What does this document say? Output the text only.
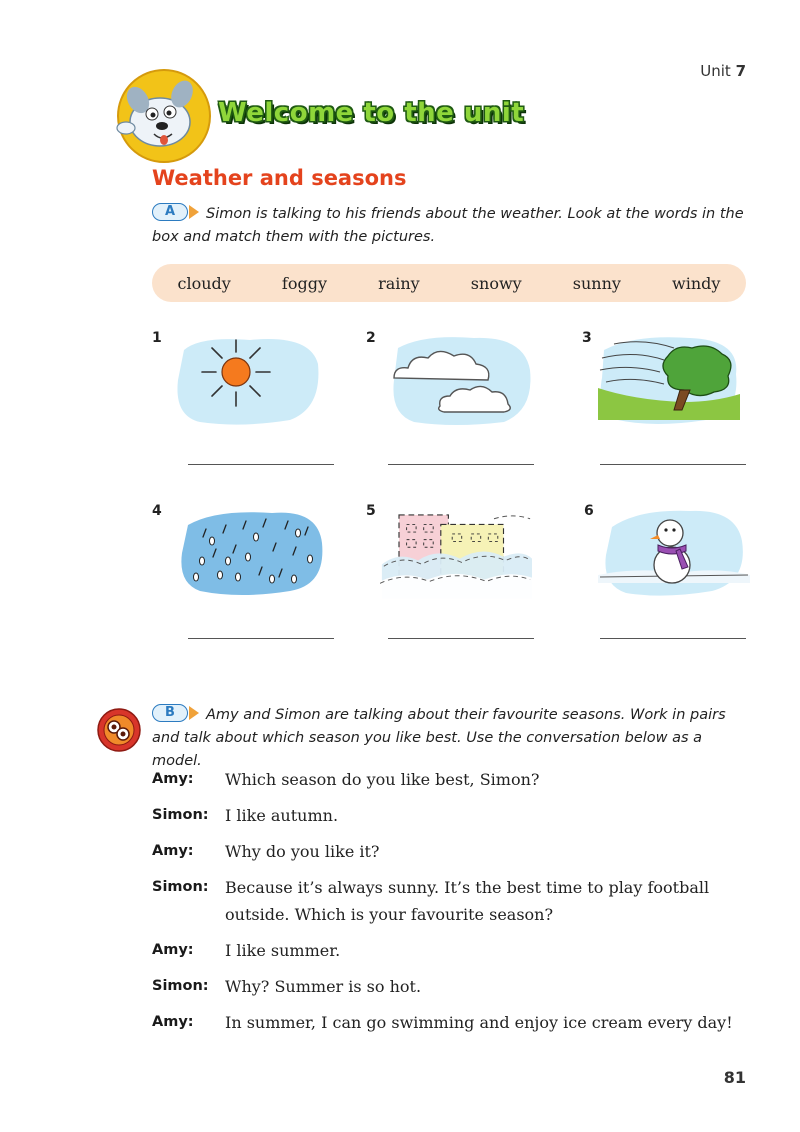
Unit 7
Welcome to the unit
Weather and seasons
A	Simon is talking to his friends about the weather. Look at the words in the box and match them with the pictures.
cloudy	foggy	rainy	snowy	sunny	windy
1	2	3
4	5	6
B	Amy and Simon are talking about their favourite seasons. Work in pairs and talk about which season you like best. Use the conversation below as a model.
Amy:	Which season do you like best, Simon?
Simon:	I like autumn.
Amy:	Why do you like it?
Simon:	Because it’s always sunny. It’s the best time to play football outside. Which is your favourite season?
Amy:	I like summer.
Simon:	Why? Summer is so hot.
Amy:	In summer, I can go swimming and enjoy ice cream every day!
81
